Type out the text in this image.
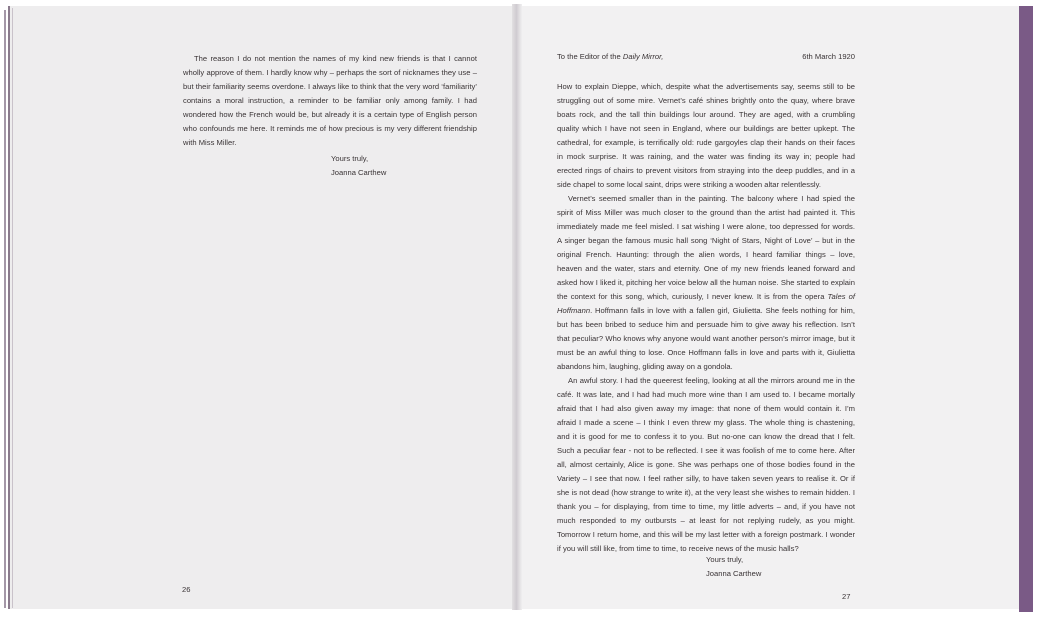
The reason I do not mention the names of my kind new friends is that I cannot wholly approve of them. I hardly know why – perhaps the sort of nicknames they use – but their familiarity seems overdone. I always like to think that the very word ‘familiarity’ contains a moral instruction, a reminder to be familiar only among family. I had wondered how the French would be, but already it is a certain type of English person who confounds me here. It reminds me of how precious is my very different friendship with Miss Miller.

Yours truly,
Joanna Carthew
26
To the Editor of the Daily Mirror,	6th March 1920

How to explain Dieppe, which, despite what the advertisements say, seems still to be struggling out of some mire. Vernet’s café shines brightly onto the quay, where brave boats rock, and the tall thin buildings lour around. They are aged, with a crumbling quality which I have not seen in England, where our buildings are better upkept. The cathedral, for example, is terrifically old: rude gargoyles clap their hands on their faces in mock surprise. It was raining, and the water was finding its way in; people had erected rings of chairs to prevent visitors from straying into the deep puddles, and in a side chapel to some local saint, drips were striking a wooden altar relentlessly.

Vernet’s seemed smaller than in the painting. The balcony where I had spied the spirit of Miss Miller was much closer to the ground than the artist had painted it. This immediately made me feel misled. I sat wishing I were alone, too depressed for words. A singer began the famous music hall song ‘Night of Stars, Night of Love’ – but in the original French. Haunting: through the alien words, I heard familiar things – love, heaven and the water, stars and eternity. One of my new friends leaned forward and asked how I liked it, pitching her voice below all the human noise. She started to explain the context for this song, which, curiously, I never knew. It is from the opera Tales of Hoffmann. Hoffmann falls in love with a fallen girl, Giulietta. She feels nothing for him, but has been bribed to seduce him and persuade him to give away his reflection. Isn’t that peculiar? Who knows why anyone would want another person’s mirror image, but it must be an awful thing to lose. Once Hoffmann falls in love and parts with it, Giulietta abandons him, laughing, gliding away on a gondola.

An awful story. I had the queerest feeling, looking at all the mirrors around me in the café. It was late, and I had had much more wine than I am used to. I became mortally afraid that I had also given away my image: that none of them would contain it. I’m afraid I made a scene – I think I even threw my glass. The whole thing is chastening, and it is good for me to confess it to you. But no-one can know the dread that I felt. Such a peculiar fear - not to be reflected. I see it was foolish of me to come here. After all, almost certainly, Alice is gone. She was perhaps one of those bodies found in the Variety – I see that now. I feel rather silly, to have taken seven years to realise it. Or if she is not dead (how strange to write it), at the very least she wishes to remain hidden. I thank you – for displaying, from time to time, my little adverts – and, if you have not much responded to my outbursts – at least for not replying rudely, as you might. Tomorrow I return home, and this will be my last letter with a foreign postmark. I wonder if you will still like, from time to time, to receive news of the music halls?

Yours truly,
Joanna Carthew
27
